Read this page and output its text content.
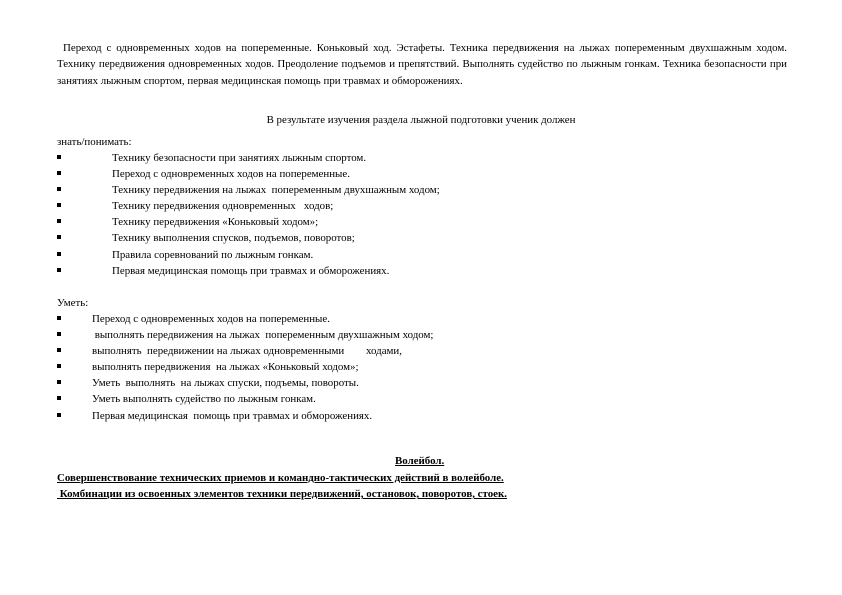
Переход с одновременных ходов на попеременные. Коньковый ход. Эстафеты. Техника передвижения на лыжах попеременным двухшажным ходом. Технику передвижения одновременных ходов. Преодоление подъемов и препятствий. Выполнять судейство по лыжным гонкам. Техника безопасности при занятиях лыжным спортом, первая медицинская помощь при травмах и обморожениях.
В результате изучения раздела лыжной подготовки ученик должен
знать/понимать:
Технику безопасности при занятиях лыжным спортом.
Переход с одновременных ходов на попеременные.
Технику передвижения на лыжах  попеременным двухшажным ходом;
Технику передвижения одновременных   ходов;
Технику передвижения «Коньковый ходом»;
Технику выполнения спусков, подъемов, поворотов;
Правила соревнований по лыжным гонкам.
Первая медицинская помощь при травмах и обморожениях.
Уметь:
Переход с одновременных ходов на попеременные.
выполнять передвижения на лыжах  попеременным двухшажным ходом;
выполнять  передвижении на лыжах одновременными        ходами,
выполнять передвижения  на лыжах «Коньковый ходом»;
Уметь  выполнять  на лыжах спуски, подъемы, повороты.
Уметь выполнять судейство по лыжным гонкам.
Первая медицинская  помощь при травмах и обморожениях.
Волейбол.
Совершенствование технических приемов и командно-тактических действий в волейболе.
Комбинации из освоенных элементов техники передвижений, остановок, поворотов, стоек.
